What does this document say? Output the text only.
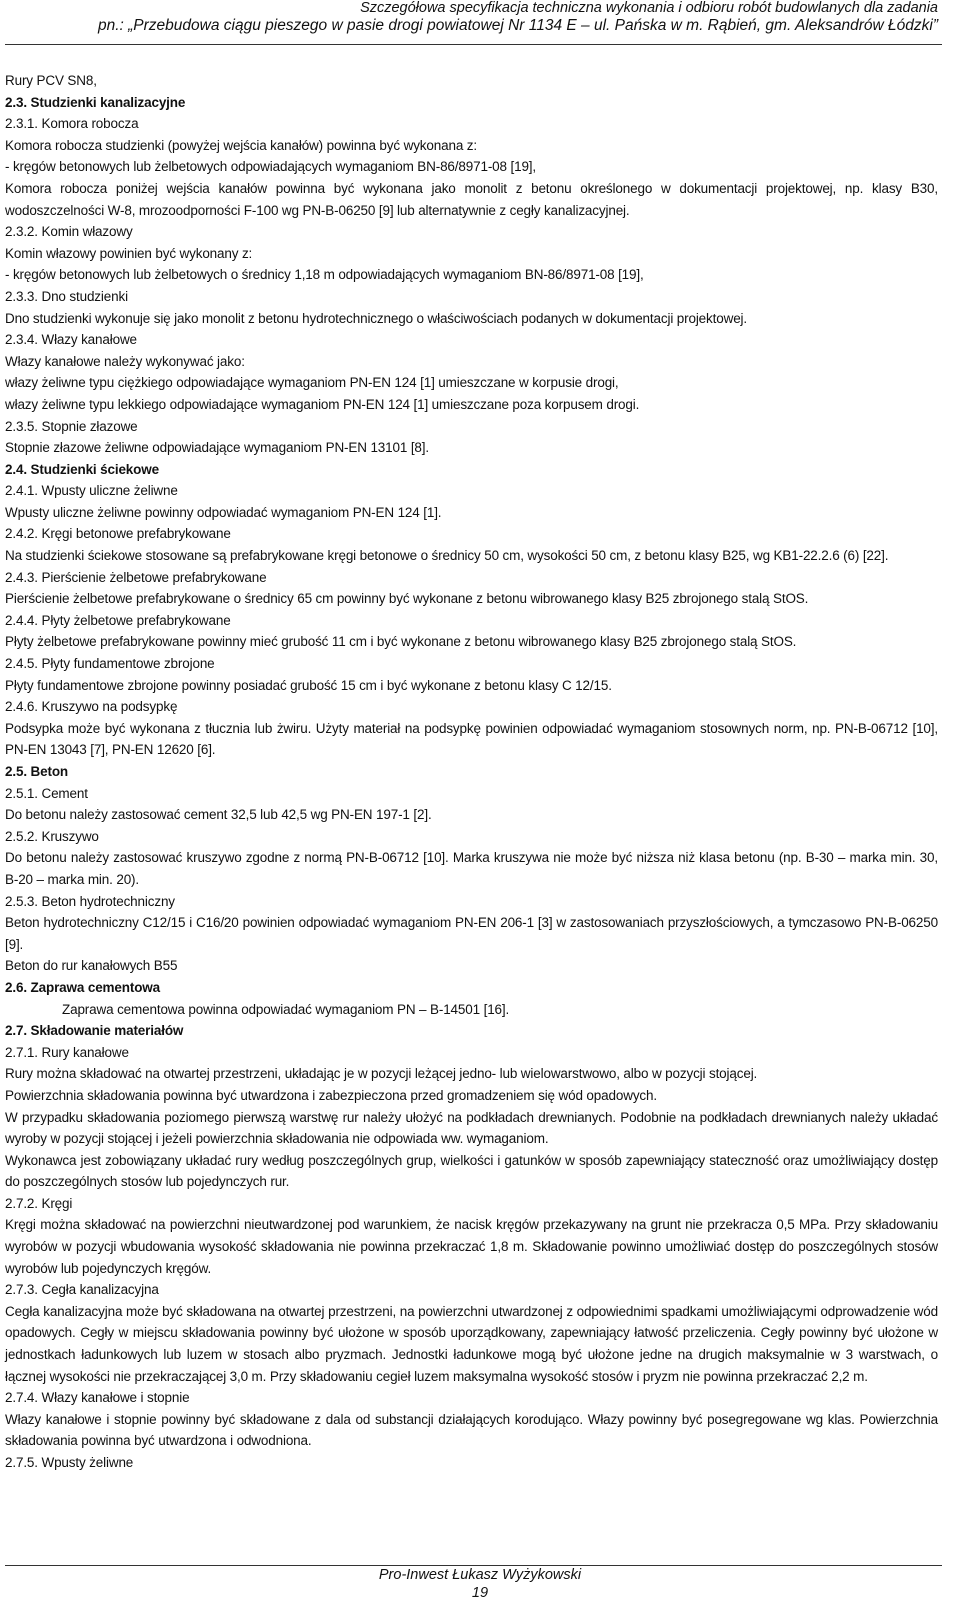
Szczegółowa specyfikacja techniczna wykonania i odbioru robót budowlanych dla zadania
pn.: „Przebudowa ciągu pieszego w pasie drogi powiatowej Nr 1134 E – ul. Pańska w m. Rąbień, gm. Aleksandrów Łódzki”

Rury PCV SN8,

2.3. Studzienki kanalizacyjne

2.3.1. Komora robocza

Komora robocza studzienki (powyżej wejścia kanałów) powinna być wykonana z:

- kręgów betonowych lub żelbetowych odpowiadających wymaganiom BN-86/8971-08 [19],

Komora robocza poniżej wejścia kanałów powinna być wykonana jako monolit z betonu określonego w dokumentacji projektowej, np. klasy B30, wodoszczelności W-8, mrozoodporności F-100 wg PN-B-06250 [9] lub alternatywnie z cegły kanalizacyjnej.

2.3.2. Komin włazowy

Komin włazowy powinien być wykonany z:

- kręgów betonowych lub żelbetowych o średnicy 1,18 m odpowiadających wymaganiom BN-86/8971-08 [19],

2.3.3. Dno studzienki

Dno studzienki wykonuje się jako monolit z betonu hydrotechnicznego o właściwościach podanych w dokumentacji projektowej.

2.3.4. Włazy kanałowe

Włazy kanałowe należy wykonywać jako:

włazy żeliwne typu ciężkiego odpowiadające wymaganiom PN-EN 124 [1] umieszczane w korpusie drogi,

włazy żeliwne typu lekkiego odpowiadające wymaganiom PN-EN 124 [1] umieszczane poza korpusem drogi.

2.3.5. Stopnie złazowe

Stopnie złazowe żeliwne odpowiadające wymaganiom PN-EN 13101 [8].

2.4. Studzienki ściekowe

2.4.1. Wpusty uliczne żeliwne

Wpusty uliczne żeliwne powinny odpowiadać wymaganiom PN-EN 124 [1].

2.4.2. Kręgi betonowe prefabrykowane

Na studzienki ściekowe stosowane są prefabrykowane kręgi betonowe o średnicy 50 cm, wysokości 50 cm, z betonu klasy B25, wg KB1-22.2.6 (6) [22].

2.4.3. Pierścienie żelbetowe prefabrykowane

Pierścienie żelbetowe prefabrykowane o średnicy 65 cm powinny być wykonane z betonu wibrowanego klasy B25 zbrojonego stalą StOS.

2.4.4. Płyty żelbetowe prefabrykowane

Płyty żelbetowe prefabrykowane powinny mieć grubość 11 cm i być wykonane z betonu wibrowanego klasy B25 zbrojonego stalą StOS.

2.4.5. Płyty fundamentowe zbrojone

Płyty fundamentowe zbrojone powinny posiadać grubość 15 cm i być wykonane z betonu klasy C 12/15.

2.4.6. Kruszywo na podsypkę

Podsypka może być wykonana z tłucznia lub żwiru. Użyty materiał na podsypkę powinien odpowiadać wymaganiom stosownych norm, np. PN-B-06712 [10], PN-EN 13043 [7], PN-EN 12620 [6].

2.5. Beton

2.5.1. Cement

Do betonu należy zastosować cement 32,5 lub 42,5 wg PN-EN 197-1 [2].

2.5.2. Kruszywo

Do betonu należy zastosować kruszywo zgodne z normą PN-B-06712 [10]. Marka kruszywa nie może być niższa niż klasa betonu (np. B-30 – marka min. 30, B-20 – marka min. 20).

2.5.3. Beton hydrotechniczny

Beton hydrotechniczny C12/15 i C16/20 powinien odpowiadać wymaganiom PN-EN 206-1 [3] w zastosowaniach przyszłościowych, a tymczasowo PN-B-06250 [9].

Beton do rur kanałowych B55

2.6. Zaprawa cementowa

Zaprawa cementowa powinna odpowiadać wymaganiom PN – B-14501 [16].

2.7. Składowanie materiałów

2.7.1. Rury kanałowe

Rury można składować na otwartej przestrzeni, układając je w pozycji leżącej jedno- lub wielowarstwowo, albo w pozycji stojącej.

Powierzchnia składowania powinna być utwardzona i zabezpieczona przed gromadzeniem się wód opadowych.

W przypadku składowania poziomego pierwszą warstwę rur należy ułożyć na podkładach drewnianych. Podobnie na podkładach drewnianych należy układać wyroby w pozycji stojącej i jeżeli powierzchnia składowania nie odpowiada ww. wymaganiom.

Wykonawca jest zobowiązany układać rury według poszczególnych grup, wielkości i gatunków w sposób zapewniający stateczność oraz umożliwiający dostęp do poszczególnych stosów lub pojedynczych rur.

2.7.2. Kręgi

Kręgi można składować na powierzchni nieutwardzonej pod warunkiem, że nacisk kręgów przekazywany na grunt nie przekracza 0,5 MPa. Przy składowaniu wyrobów w pozycji wbudowania wysokość składowania nie powinna przekraczać 1,8 m. Składowanie powinno umożliwiać dostęp do poszczególnych stosów wyrobów lub pojedynczych kręgów.

2.7.3. Cegła kanalizacyjna

Cegła kanalizacyjna może być składowana na otwartej przestrzeni, na powierzchni utwardzonej z odpowiednimi spadkami umożliwiającymi odprowadzenie wód opadowych. Cegły w miejscu składowania powinny być ułożone w sposób uporządkowany, zapewniający łatwość przeliczenia. Cegły powinny być ułożone w jednostkach ładunkowych lub luzem w stosach albo pryzmach. Jednostki ładunkowe mogą być ułożone jedne na drugich maksymalnie w 3 warstwach, o łącznej wysokości nie przekraczającej 3,0 m. Przy składowaniu cegieł luzem maksymalna wysokość stosów i pryzm nie powinna przekraczać 2,2 m.

2.7.4. Włazy kanałowe i stopnie

Włazy kanałowe i stopnie powinny być składowane z dala od substancji działających korodująco. Włazy powinny być posegregowane wg klas. Powierzchnia składowania powinna być utwardzona i odwodniona.

2.7.5. Wpusty żeliwne

Pro-Inwest Łukasz Wyżykowski
19
